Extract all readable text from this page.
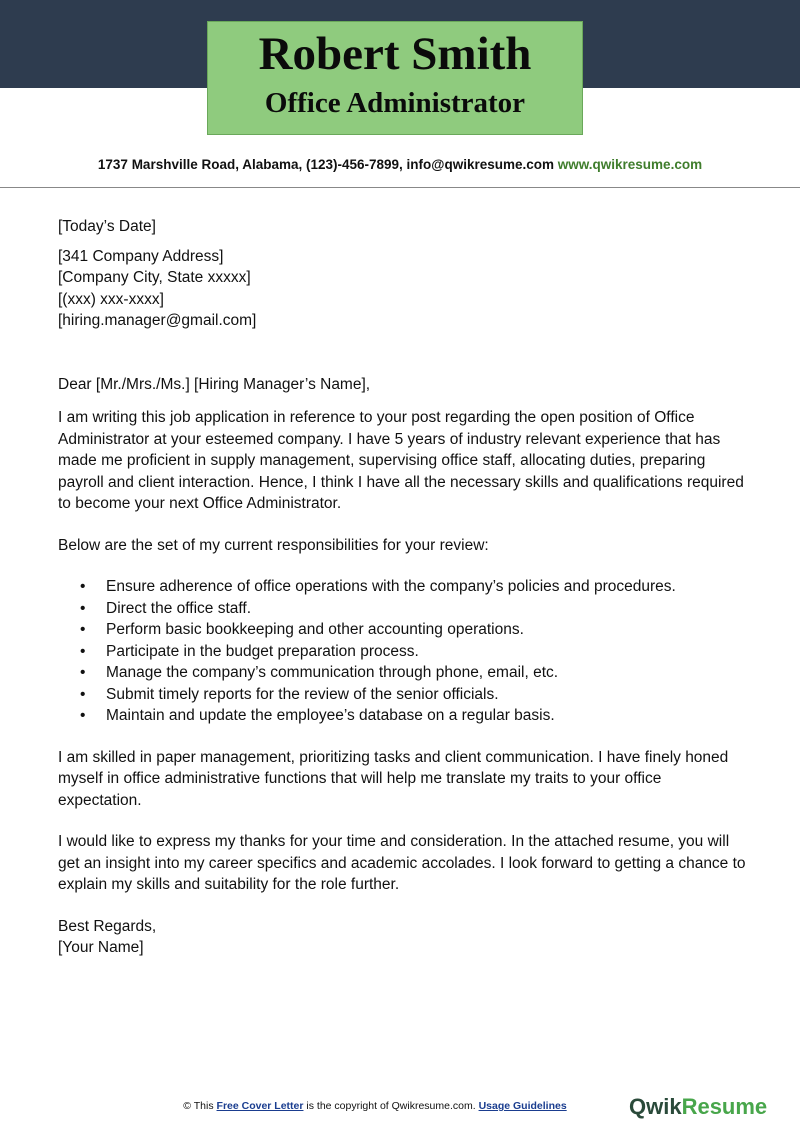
Robert Smith
Office Administrator
1737 Marshville Road, Alabama, (123)-456-7899, info@qwikresume.com www.qwikresume.com

[Today’s Date]

[341 Company Address]

[Company City, State xxxxx]

[(xxx) xxx-xxxx]

[hiring.manager@gmail.com]

Dear [Mr./Mrs./Ms.] [Hiring Manager’s Name],

I am writing this job application in reference to your post regarding the open position of Office Administrator at your esteemed company. I have 5 years of industry relevant experience that has made me proficient in supply management, supervising office staff, allocating duties, preparing payroll and client interaction. Hence, I think I have all the necessary skills and qualifications required to become your next Office Administrator.

Below are the set of my current responsibilities for your review:

• Ensure adherence of office operations with the company’s policies and procedures.
• Direct the office staff.
• Perform basic bookkeeping and other accounting operations.
• Participate in the budget preparation process.
• Manage the company’s communication through phone, email, etc.
• Submit timely reports for the review of the senior officials.
• Maintain and update the employee’s database on a regular basis.

I am skilled in paper management, prioritizing tasks and client communication. I have finely honed myself in office administrative functions that will help me translate my traits to your office expectation.

I would like to express my thanks for your time and consideration. In the attached resume, you will get an insight into my career specifics and academic accolades. I look forward to getting a chance to explain my skills and suitability for the role further.

Best Regards,

[Your Name]

© This Free Cover Letter is the copyright of Qwikresume.com. Usage Guidelines	QwikResume
